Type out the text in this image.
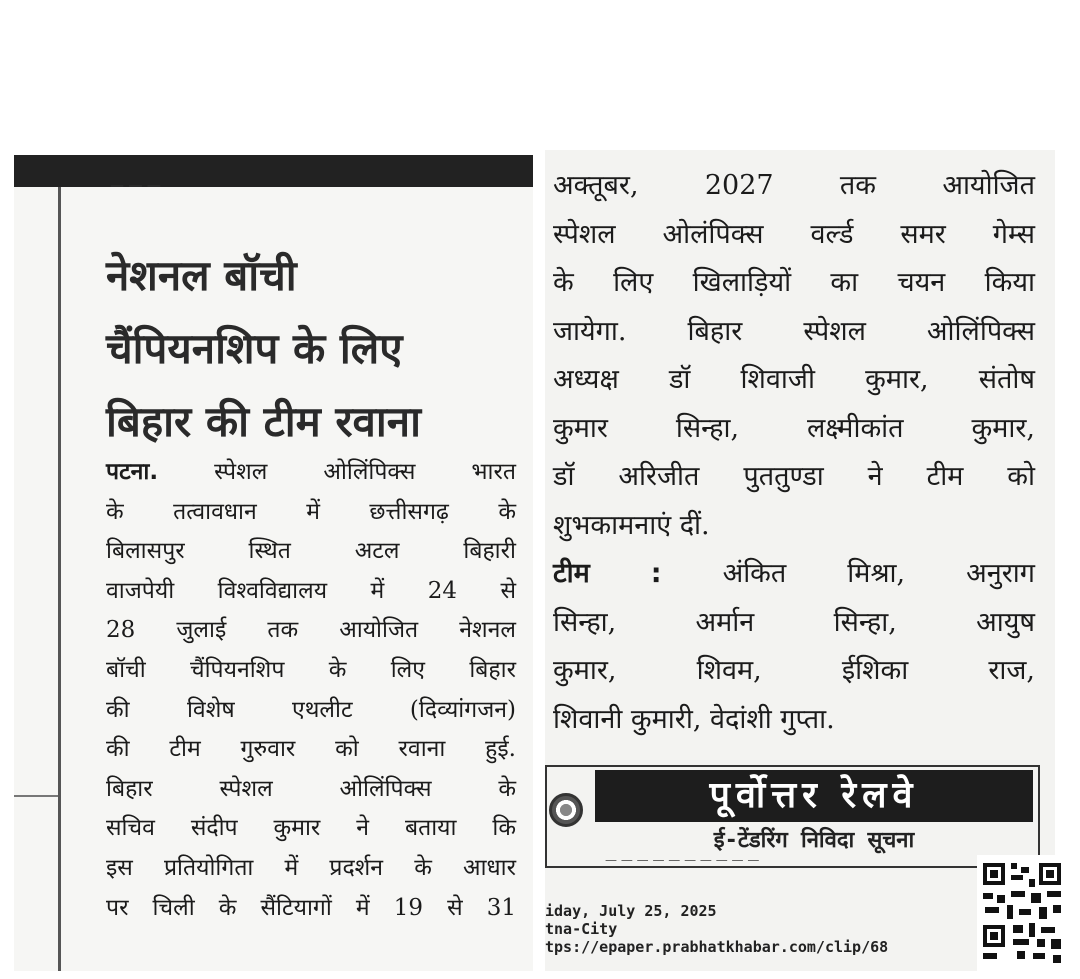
— — —
नेशनल बॉची
चैंपियनशिप के लिए
बिहार की टीम रवाना
पटना. स्पेशल ओलिंपिक्स भारत
के तत्वावधान में छत्तीसगढ़ के
बिलासपुर स्थित अटल बिहारी
वाजपेयी विश्वविद्यालय में 24 से
28 जुलाई तक आयोजित नेशनल
बॉची चैंपियनशिप के लिए बिहार
की विशेष एथलीट (दिव्यांगजन)
की टीम गुरुवार को रवाना हुई.
बिहार स्पेशल ओलिंपिक्स के
सचिव संदीप कुमार ने बताया कि
इस प्रतियोगिता में प्रदर्शन के आधार
पर चिली के सैंटियागों में 19 से 31
अक्तूबर, 2027 तक आयोजित
स्पेशल ओलंपिक्स वर्ल्ड समर गेम्स
के लिए खिलाड़ियों का चयन किया
जायेगा. बिहार स्पेशल ओलिंपिक्स
अध्यक्ष डॉ शिवाजी कुमार, संतोष
कुमार सिन्हा, लक्ष्मीकांत कुमार,
डॉ अरिजीत पुततुण्डा ने टीम को
शुभकामनाएं दीं.
टीम : अंकित मिश्रा, अनुराग
सिन्हा, अर्मान सिन्हा, आयुष
कुमार, शिवम, ईशिका राज,
शिवानी कुमारी, वेदांशी गुप्ता.
पूर्वोत्तर रेलवे
ई-टेंडरिंग निविदा सूचना
— — — — — — — — — —
iday, July 25, 2025
tna-City
tps://epaper.prabhatkhabar.com/clip/68
